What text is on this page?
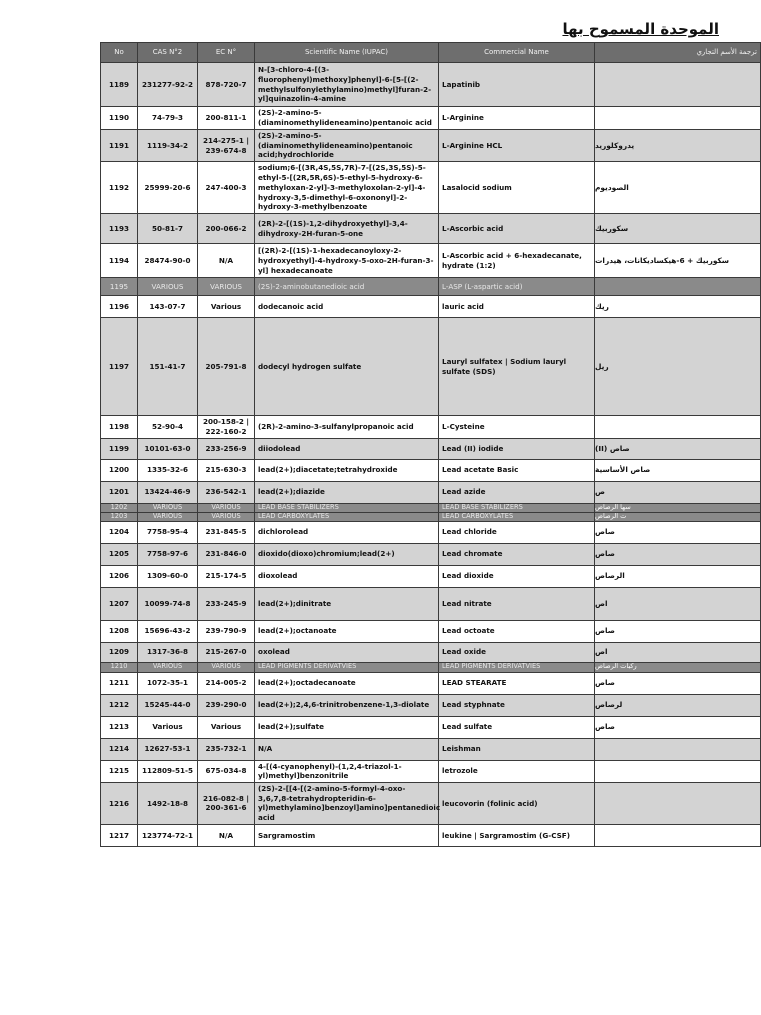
الموحدة المسموح بها
No	CAS N°2	EC N°	Scientific Name (IUPAC)	Commercial Name	ترجمة الأسم التجاري
1189	231277-92-2	878-720-7	N-[3-chloro-4-[(3-fluorophenyl)methoxy]phenyl]-6-[5-[(2-methylsulfonylethylamino)methyl]furan-2-yl]quinazolin-4-amine	Lapatinib	
1190	74-79-3	200-811-1	(2S)-2-amino-5-(diaminomethylideneamino)pentanoic acid	L-Arginine	
1191	1119-34-2	214-275-1 | 239-674-8	(2S)-2-amino-5-(diaminomethylideneamino)pentanoic acid;hydrochloride	L-Arginine HCL	يدروكلوريد
1192	25999-20-6	247-400-3	sodium;6-[(3R,4S,5S,7R)-7-[(2S,3S,5S)-5-ethyl-5-[(2R,5R,6S)-5-ethyl-5-hydroxy-6-methyloxan-2-yl]-3-methyloxolan-2-yl]-4-hydroxy-3,5-dimethyl-6-oxononyl]-2-hydroxy-3-methylbenzoate	Lasalocid sodium	الصوديوم
1193	50-81-7	200-066-2	(2R)-2-[(1S)-1,2-dihydroxyethyl]-3,4-dihydroxy-2H-furan-5-one	L-Ascorbic acid	سكوربيك
1194	28474-90-0	N/A	[(2R)-2-[(1S)-1-hexadecanoyloxy-2-hydroxyethyl]-4-hydroxy-5-oxo-2H-furan-3-yl] hexadecanoate	L-Ascorbic acid + 6-hexadecanate, hydrate (1:2)	سكوربيك + 6-هيكساديكانات، هيدرات
1195	VARIOUS	VARIOUS	(2S)-2-aminobutanedioic acid	L-ASP (L-aspartic acid)	
1196	143-07-7	Various	dodecanoic acid	lauric acid	ريك
1197	151-41-7	205-791-8	dodecyl hydrogen sulfate	Lauryl sulfatex | Sodium lauryl sulfate (SDS)	ريل
1198	52-90-4	200-158-2 | 222-160-2	(2R)-2-amino-3-sulfanylpropanoic acid	L-Cysteine	
1199	10101-63-0	233-256-9	diiodolead	Lead (II) iodide	صاص (II)
1200	1335-32-6	215-630-3	lead(2+);diacetate;tetrahydroxide	Lead acetate Basic	صاص الأساسية
1201	13424-46-9	236-542-1	lead(2+);diazide	Lead azide	ص
1202	VARIOUS	VARIOUS	LEAD BASE STABILIZERS	LEAD BASE STABILIZERS	سها الرصاص
1203	VARIOUS	VARIOUS	LEAD CARBOXYLATES	LEAD CARBOXYLATES	ت الرصاص
1204	7758-95-4	231-845-5	dichlorolead	Lead chloride	صاص
1205	7758-97-6	231-846-0	dioxido(dioxo)chromium;lead(2+)	Lead chromate	صاص
1206	1309-60-0	215-174-5	dioxolead	Lead dioxide	الرصاص
1207	10099-74-8	233-245-9	lead(2+);dinitrate	Lead nitrate	اص
1208	15696-43-2	239-790-9	lead(2+);octanoate	Lead octoate	صاص
1209	1317-36-8	215-267-0	oxolead	Lead oxide	اص
1210	VARIOUS	VARIOUS	LEAD PIGMENTS DERIVATVIES	LEAD PIGMENTS DERIVATVIES	ركبات الرصاص
1211	1072-35-1	214-005-2	lead(2+);octadecanoate	LEAD STEARATE	صاص
1212	15245-44-0	239-290-0	lead(2+);2,4,6-trinitrobenzene-1,3-diolate	Lead styphnate	لرصاص
1213	Various	Various	lead(2+);sulfate	Lead sulfate	صاص
1214	12627-53-1	235-732-1	N/A	Leishman	
1215	112809-51-5	675-034-8	4-[(4-cyanophenyl)-(1,2,4-triazol-1-yl)methyl]benzonitrile	letrozole	
1216	1492-18-8	216-082-8 | 200-361-6	(2S)-2-[[4-[(2-amino-5-formyl-4-oxo-3,6,7,8-tetrahydropteridin-6-yl)methylamino]benzoyl]amino]pentanedioic acid	leucovorin (folinic acid)	
1217	123774-72-1	N/A	Sargramostim	leukine | Sargramostim (G-CSF)	
